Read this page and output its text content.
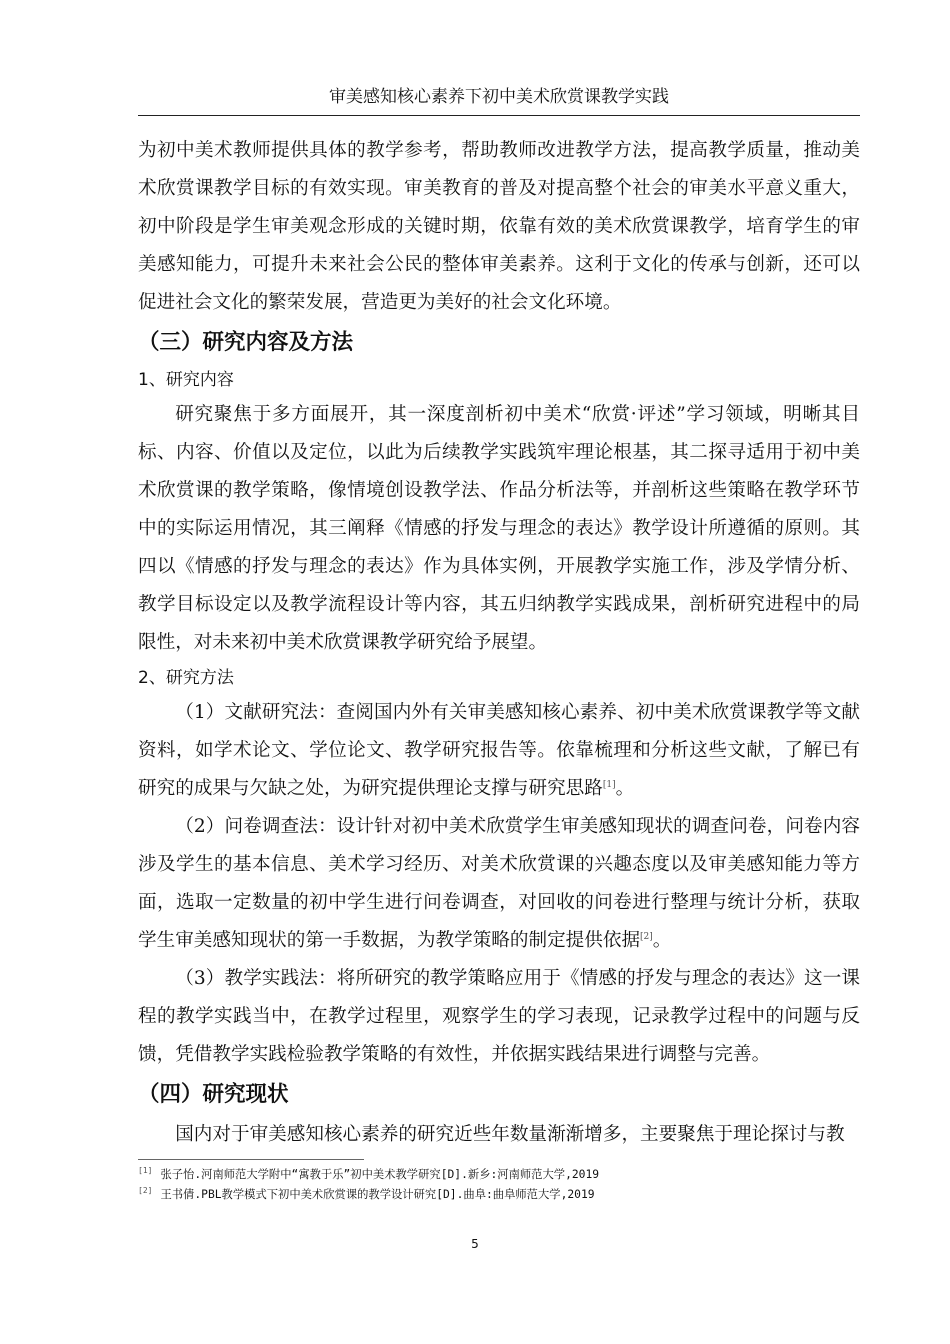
审美感知核心素养下初中美术欣赏课教学实践

为初中美术教师提供具体的教学参考，帮助教师改进教学方法，提高教学质量，推动美术欣赏课教学目标的有效实现。审美教育的普及对提高整个社会的审美水平意义重大，初中阶段是学生审美观念形成的关键时期，依靠有效的美术欣赏课教学，培育学生的审美感知能力，可提升未来社会公民的整体审美素养。这利于文化的传承与创新，还可以促进社会文化的繁荣发展，营造更为美好的社会文化环境。

（三）研究内容及方法
1、研究内容

研究聚焦于多方面展开，其一深度剖析初中美术“欣赏·评述”学习领域，明晰其目标、内容、价值以及定位，以此为后续教学实践筑牢理论根基，其二探寻适用于初中美术欣赏课的教学策略，像情境创设教学法、作品分析法等，并剖析这些策略在教学环节中的实际运用情况，其三阐释《情感的抒发与理念的表达》教学设计所遵循的原则。其四以《情感的抒发与理念的表达》作为具体实例，开展教学实施工作，涉及学情分析、教学目标设定以及教学流程设计等内容，其五归纳教学实践成果，剖析研究进程中的局限性，对未来初中美术欣赏课教学研究给予展望。

2、研究方法

（1）文献研究法：查阅国内外有关审美感知核心素养、初中美术欣赏课教学等文献资料，如学术论文、学位论文、教学研究报告等。依靠梳理和分析这些文献，了解已有研究的成果与欠缺之处，为研究提供理论支撑与研究思路[1]。

（2）问卷调查法：设计针对初中美术欣赏学生审美感知现状的调查问卷，问卷内容涉及学生的基本信息、美术学习经历、对美术欣赏课的兴趣态度以及审美感知能力等方面，选取一定数量的初中学生进行问卷调查，对回收的问卷进行整理与统计分析，获取学生审美感知现状的第一手数据，为教学策略的制定提供依据[2]。

（3）教学实践法：将所研究的教学策略应用于《情感的抒发与理念的表达》这一课程的教学实践当中，在教学过程里，观察学生的学习表现，记录教学过程中的问题与反馈，凭借教学实践检验教学策略的有效性，并依据实践结果进行调整与完善。

（四）研究现状

国内对于审美感知核心素养的研究近些年数量渐渐增多，主要聚焦于理论探讨与教

[1] 张子怡.河南师范大学附中“寓教于乐”初中美术教学研究[D].新乡:河南师范大学,2019
[2] 王书倩.PBL教学模式下初中美术欣赏课的教学设计研究[D].曲阜:曲阜师范大学,2019
5
